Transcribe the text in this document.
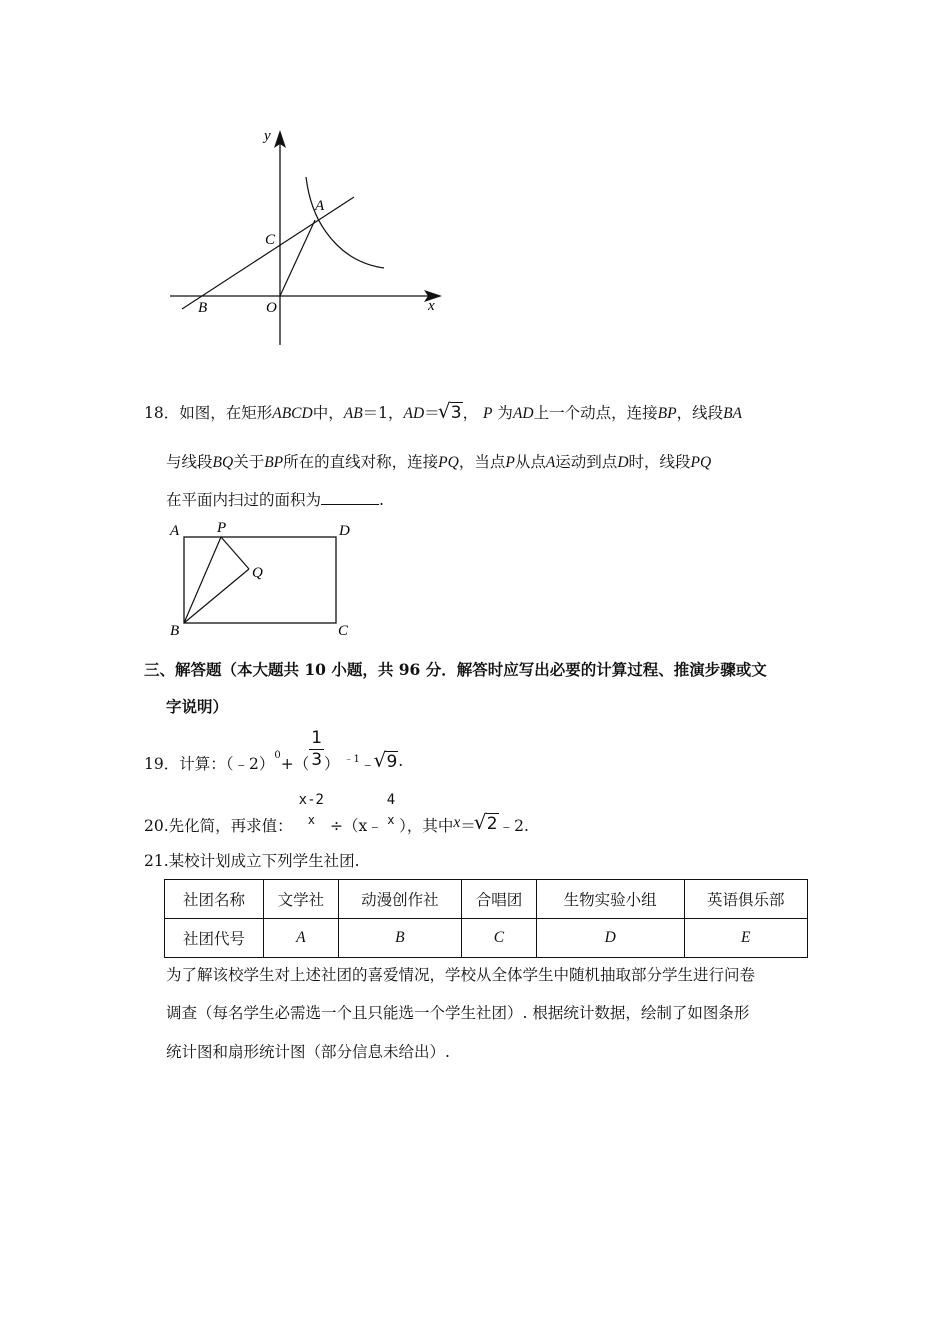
y
x
A
C
B	O
18．如图，在矩形ABCD中，AB＝1，AD＝ √ 3， P 为AD上一个动点，连接BP，线段BA
与线段BQ关于BP所在的直线对称，连接PQ，当点P从点A运动到点D时，线段PQ
在平面内扫过的面积为	.
A	P	D
Q
B	C
三、解答题（本大题共 10 小题，共 96 分．解答时应写出必要的计算过程、推演步骤或文
字说明）
19．计算：（﹣2）$^0$+（ $\frac{1}{3}$ ） $^{﹣1}$﹣ √ 9.
20.先化简，再求值：
x-2
x ÷（x﹣
4
x ），其中x＝ √ 2﹣2.
21.某校计划成立下列学生社团.
社团名称	文学社	动漫创作社	合唱团	生物实验小组	英语俱乐部
社团代号	A	B	C	D	E
为了解该校学生对上述社团的喜爱情况，学校从全体学生中随机抽取部分学生进行问卷
调查（每名学生必需选一个且只能选一个学生社团）. 根据统计数据，绘制了如图条形
统计图和扇形统计图（部分信息未给出）.
